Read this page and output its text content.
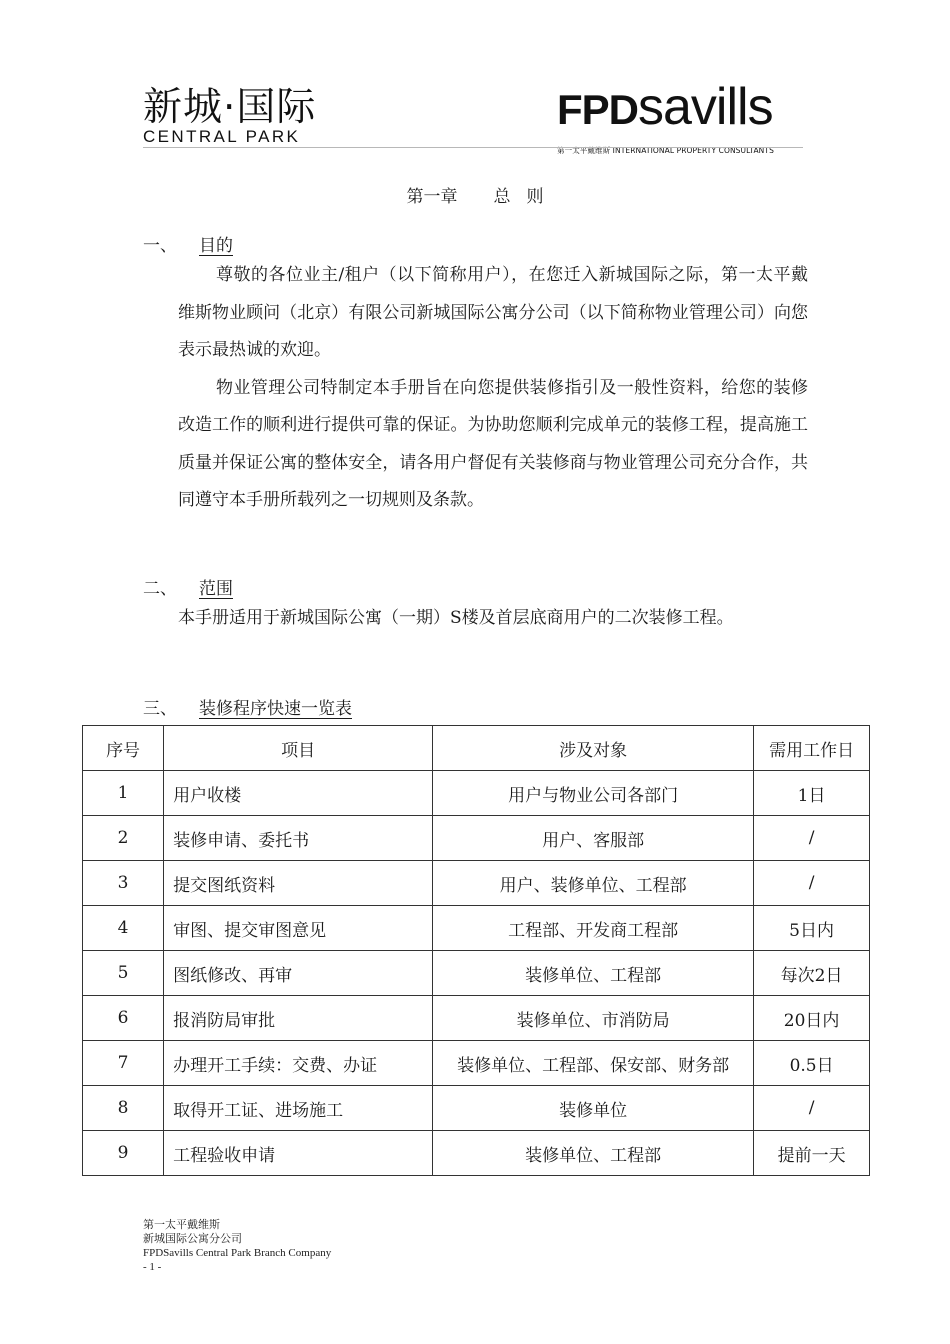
新城·国际
CENTRAL PARK
FPDsavills
第一太平戴维斯 INTERNATIONAL PROPERTY CONSULTANTS
第一章 总 则
一、 目的

尊敬的各位业主/租户（以下简称用户），在您迁入新城国际之际，第一太平戴维斯物业顾问（北京）有限公司新城国际公寓分公司（以下简称物业管理公司）向您表示最热诚的欢迎。

物业管理公司特制定本手册旨在向您提供装修指引及一般性资料，给您的装修改造工作的顺利进行提供可靠的保证。为协助您顺利完成单元的装修工程，提高施工质量并保证公寓的整体安全，请各用户督促有关装修商与物业管理公司充分合作，共同遵守本手册所载列之一切规则及条款。

二、 范围

本手册适用于新城国际公寓（一期）S楼及首层底商用户的二次装修工程。

三、 装修程序快速一览表
序号	项目	涉及对象	需用工作日
1	用户收楼	用户与物业公司各部门	1日
2	装修申请、委托书	用户、客服部	/
3	提交图纸资料	用户、装修单位、工程部	/
4	审图、提交审图意见	工程部、开发商工程部	5日内
5	图纸修改、再审	装修单位、工程部	每次2日
6	报消防局审批	装修单位、市消防局	20日内
7	办理开工手续：交费、办证	装修单位、工程部、保安部、财务部	0.5日
8	取得开工证、进场施工	装修单位	/
9	工程验收申请	装修单位、工程部	提前一天
第一太平戴维斯
新城国际公寓分公司
FPDSavills Central Park Branch Company
- 1 -
